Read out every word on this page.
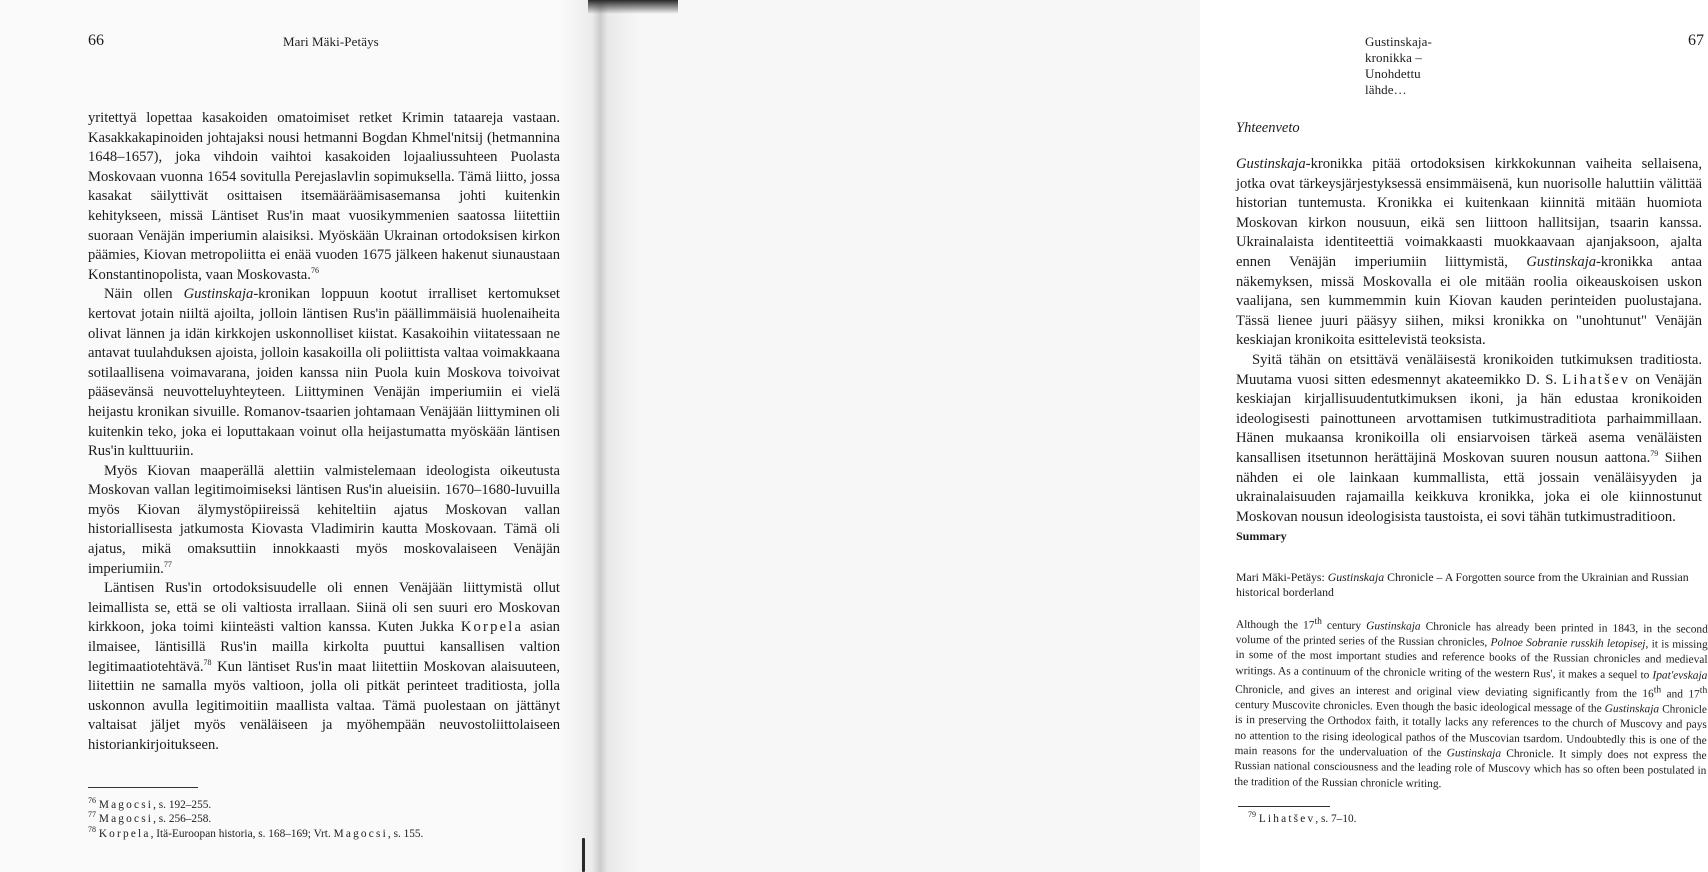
66	Mari Mäki-Petäys

yritettyä lopettaa kasakoiden omatoimiset retket Krimin tataareja vastaan. Kasakkakapinoiden johtajaksi nousi hetmanni Bogdan Khmel'nitsij (hetmannina 1648–1657), joka vihdoin vaihtoi kasakoiden lojaaliussuhteen Puolasta Moskovaan vuonna 1654 sovitulla Perejaslavlin sopimuksella. Tämä liitto, jossa kasakat säilyttivät osittaisen itsemääräämisasemansa johti kuitenkin kehitykseen, missä Läntiset Rus'in maat vuosikymmenien saatossa liitettiin suoraan Venäjän imperiumin alaisiksi. Myöskään Ukrainan ortodoksisen kirkon päämies, Kiovan metropoliitta ei enää vuoden 1675 jälkeen hakenut siunaustaan Konstantinopolista, vaan Moskovasta.$^{76}$

Näin ollen Gustinskaja-kronikan loppuun kootut irralliset kertomukset kertovat jotain niiltä ajoilta, jolloin läntisen Rus'in päällimmäisiä huolenaiheita olivat lännen ja idän kirkkojen uskonnolliset kiistat. Kasakoihin viitatessaan ne antavat tuulahduksen ajoista, jolloin kasakoilla oli poliittista valtaa voimakkaana sotilaallisena voimavarana, joiden kanssa niin Puola kuin Moskova toivoivat pääsevänsä neuvotteluyhteyteen. Liittyminen Venäjän imperiumiin ei vielä heijastu kronikan sivuille. Romanov-tsaarien johtamaan Venäjään liittyminen oli kuitenkin teko, joka ei loputtakaan voinut olla heijastumatta myöskään läntisen Rus'in kulttuuriin.

Myös Kiovan maaperällä alettiin valmistelemaan ideologista oikeutusta Moskovan vallan legitimoimiseksi läntisen Rus'in alueisiin. 1670–1680-luvuilla myös Kiovan älymystöpiireissä kehiteltiin ajatus Moskovan vallan historiallisesta jatkumosta Kiovasta Vladimirin kautta Moskovaan. Tämä oli ajatus, mikä omaksuttiin innokkaasti myös moskovalaiseen Venäjän imperiumiin.$^{77}$

Läntisen Rus'in ortodoksisuudelle oli ennen Venäjään liittymistä ollut leimallista se, että se oli valtiosta irrallaan. Siinä oli sen suuri ero Moskovan kirkkoon, joka toimi kiinteästi valtion kanssa. Kuten Jukka Korpela asian ilmaisee, läntisillä Rus'in mailla kirkolta puuttui kansallisen valtion legitimaatiotehtävä.$^{78}$ Kun läntiset Rus'in maat liitettiin Moskovan alaisuuteen, liitettiin ne samalla myös valtioon, jolla oli pitkät perinteet traditiosta, jolla uskonnon avulla legitimoitiin maallista valtaa. Tämä puolestaan on jättänyt valtaisat jäljet myös venäläiseen ja myöhempään neuvostoliittolaiseen historiankirjoitukseen.

$^{76}$ Magocsi, s. 192–255.
$^{77}$ Magocsi, s. 256–258.
$^{78}$ Korpela, Itä-Euroopan historia, s. 168–169; Vrt. Magocsi, s. 155.
Gustinskaja-kronikka – Unohdettu lähde…
67
Yhteenveto

Gustinskaja-kronikka pitää ortodoksisen kirkkokunnan vaiheita sellaisena, jotka ovat tärkeysjärjestyksessä ensimmäisenä, kun nuorisolle haluttiin välittää historian tuntemusta. Kronikka ei kuitenkaan kiinnitä mitään huomiota Moskovan kirkon nousuun, eikä sen liittoon hallitsijan, tsaarin kanssa. Ukrainalaista identiteettiä voimakkaasti muokkaavaan ajanjaksoon, ajalta ennen Venäjän imperiumiin liittymistä, Gustinskaja-kronikka antaa näkemyksen, missä Moskovalla ei ole mitään roolia oikeauskoisen uskon vaalijana, sen kummemmin kuin Kiovan kauden perinteiden puolustajana. Tässä lienee juuri pääsyy siihen, miksi kronikka on "unohtunut" Venäjän keskiajan kronikoita esittelevistä teoksista.

Syitä tähän on etsittävä venäläisestä kronikoiden tutkimuksen traditiosta. Muutama vuosi sitten edesmennyt akateemikko D. S. Lihatšev on Venäjän keskiajan kirjallisuudentutkimuksen ikoni, ja hän edustaa kronikoiden ideologisesti painottuneen arvottamisen tutkimustraditiota parhaimmillaan. Hänen mukaansa kronikoilla oli ensiarvoisen tärkeä asema venäläisten kansallisen itsetunnon herättäjinä Moskovan suuren nousun aattona.$^{79}$ Siihen nähden ei ole lainkaan kummallista, että jossain venäläisyyden ja ukrainalaisuuden rajamailla keikkuva kronikka, joka ei ole kiinnostunut Moskovan nousun ideologisista taustoista, ei sovi tähän tutkimustraditioon.

Summary

Mari Mäki-Petäys: Gustinskaja Chronicle – A Forgotten source from the Ukrainian and Russian historical borderland

Although the 17th century Gustinskaja Chronicle has already been printed in 1843, in the second volume of the printed series of the Russian chronicles, Polnoe Sobranie russkih letopisej, it is missing in some of the most important studies and reference books of the Russian chronicles and medieval writings. As a continuum of the chronicle writing of the western Rus', it makes a sequel to Ipat'evskaja Chronicle, and gives an interest and original view deviating significantly from the 16th and 17th century Muscovite chronicles. Even though the basic ideological message of the Gustinskaja Chronicle is in preserving the Orthodox faith, it totally lacks any references to the church of Muscovy and pays no attention to the rising ideological pathos of the Muscovian tsardom. Undoubtedly this is one of the main reasons for the undervaluation of the Gustinskaja Chronicle. It simply does not express the Russian national consciousness and the leading role of Muscovy which has so often been postulated in the tradition of the Russian chronicle writing.

$^{79}$ Lihatšev, s. 7–10.
